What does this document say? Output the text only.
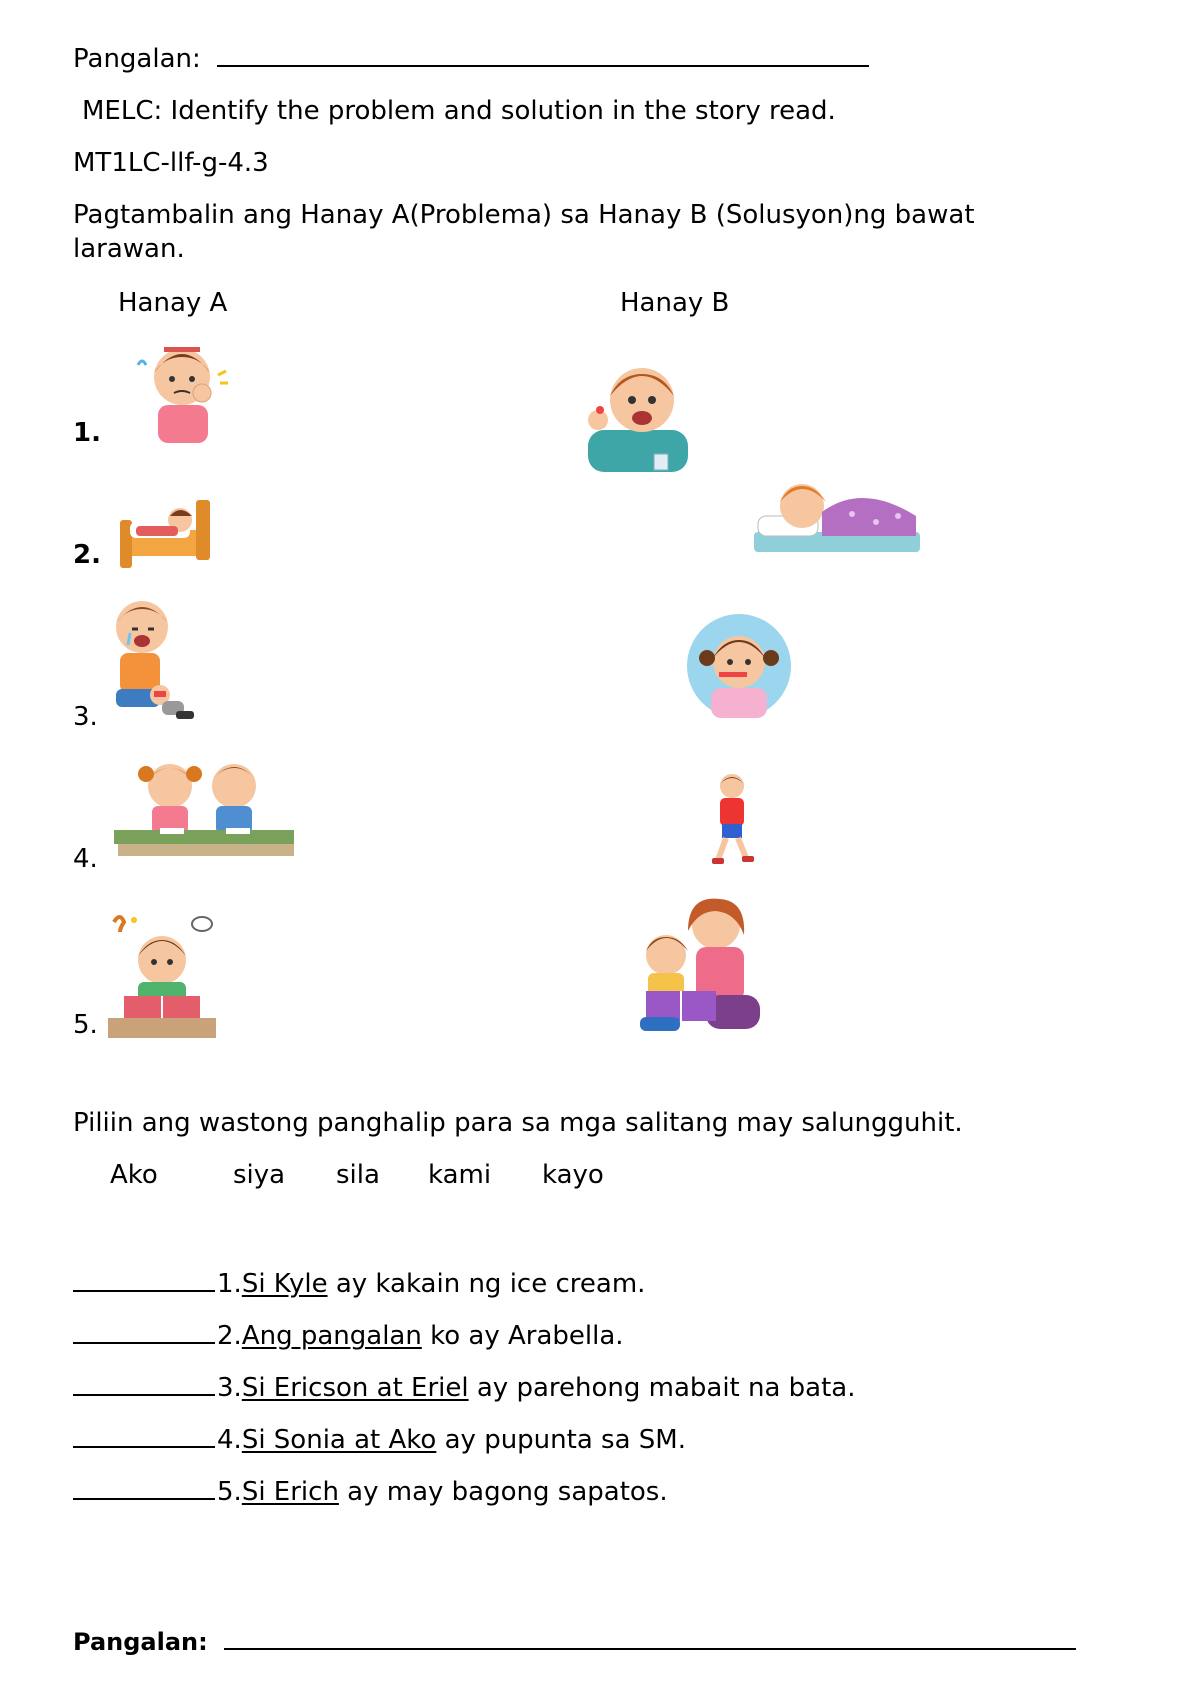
Pangalan:
MELC: Identify the problem and solution in the story read.
MT1LC-llf-g-4.3
Pagtambalin ang Hanay A(Problema) sa Hanay B (Solusyon)ng bawat
larawan.
Hanay A	Hanay B
1.
2.
3.
4.
5.
Piliin ang wastong panghalip para sa mga salitang may salungguhit.
Ako	siya sila kami kayo
1.Si Kyle ay kakain ng ice cream.
2.Ang pangalan ko ay Arabella.
3.Si Ericson at Eriel ay parehong mabait na bata.
4.Si Sonia at Ako ay pupunta sa SM.
5.Si Erich ay may bagong sapatos.
Pangalan:
